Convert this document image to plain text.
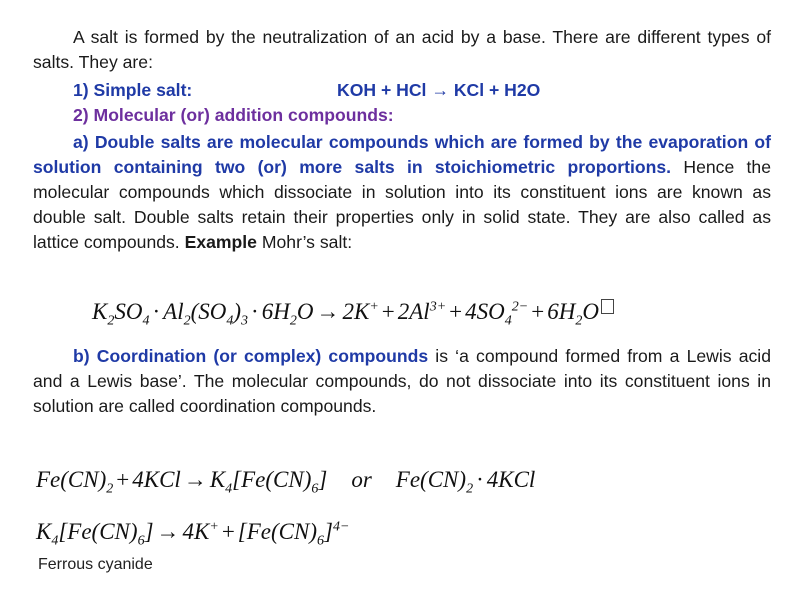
A salt is formed by the neutralization of an acid by a base. There are different types of salts. They are:
1) Simple salt:	KOH + HCl → KCl + H2O
2) Molecular (or) addition compounds:
a) Double salts are molecular compounds which are formed by the evaporation of solution containing two (or) more salts in stoichiometric proportions. Hence the molecular compounds which dissociate in solution into its constituent ions are known as double salt. Double salts retain their properties only in solid state. They are also called as lattice compounds. Example Mohr’s salt:
$K_2SO_4 \cdot Al_2(SO_4)_3 \cdot 6H_2O \to 2K^+ + 2Al^{3+} + 4SO_4^{2-} + 6H_2O$
b) Coordination (or complex) compounds is ‘a compound formed from a Lewis acid and a Lewis base’. The molecular compounds, do not dissociate into its constituent ions in solution are called coordination compounds.
$Fe(CN)_2 + 4KCl \to K_4[Fe(CN)_6]$ or $Fe(CN)_2 \cdot 4KCl$
$K_4[Fe(CN)_6] \to 4K^+ + [Fe(CN)_6]^{4-}$
Ferrous cyanide
